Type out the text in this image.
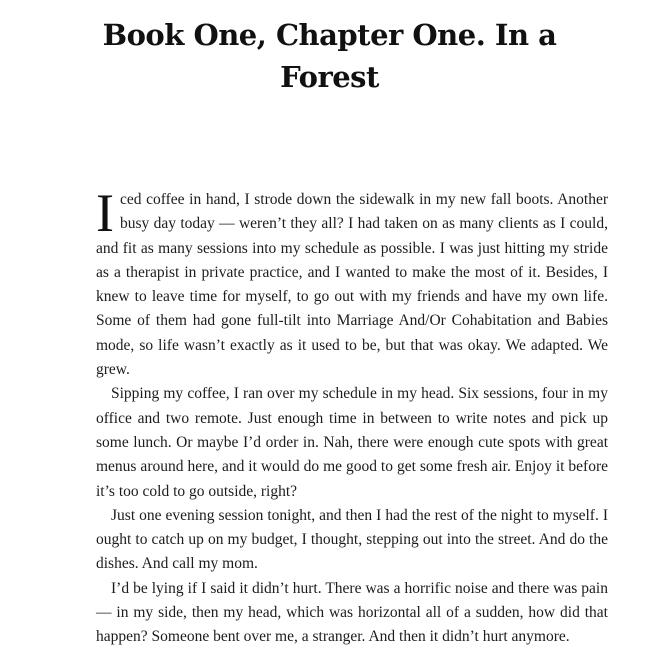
Book One, Chapter One. In a Forest

Iced coffee in hand, I strode down the sidewalk in my new fall boots. Another busy day today — weren’t they all? I had taken on as many clients as I could, and fit as many sessions into my schedule as possible. I was just hitting my stride as a therapist in private practice, and I wanted to make the most of it. Besides, I knew to leave time for myself, to go out with my friends and have my own life. Some of them had gone full-tilt into Marriage And/Or Cohabitation and Babies mode, so life wasn’t exactly as it used to be, but that was okay. We adapted. We grew.

Sipping my coffee, I ran over my schedule in my head. Six sessions, four in my office and two remote. Just enough time in between to write notes and pick up some lunch. Or maybe I’d order in. Nah, there were enough cute spots with great menus around here, and it would do me good to get some fresh air. Enjoy it before it’s too cold to go outside, right?

Just one evening session tonight, and then I had the rest of the night to myself. I ought to catch up on my budget, I thought, stepping out into the street. And do the dishes. And call my mom.

I’d be lying if I said it didn’t hurt. There was a horrific noise and there was pain — in my side, then my head, which was horizontal all of a sudden, how did that happen? Someone bent over me, a stranger. And then it didn’t hurt anymore.
